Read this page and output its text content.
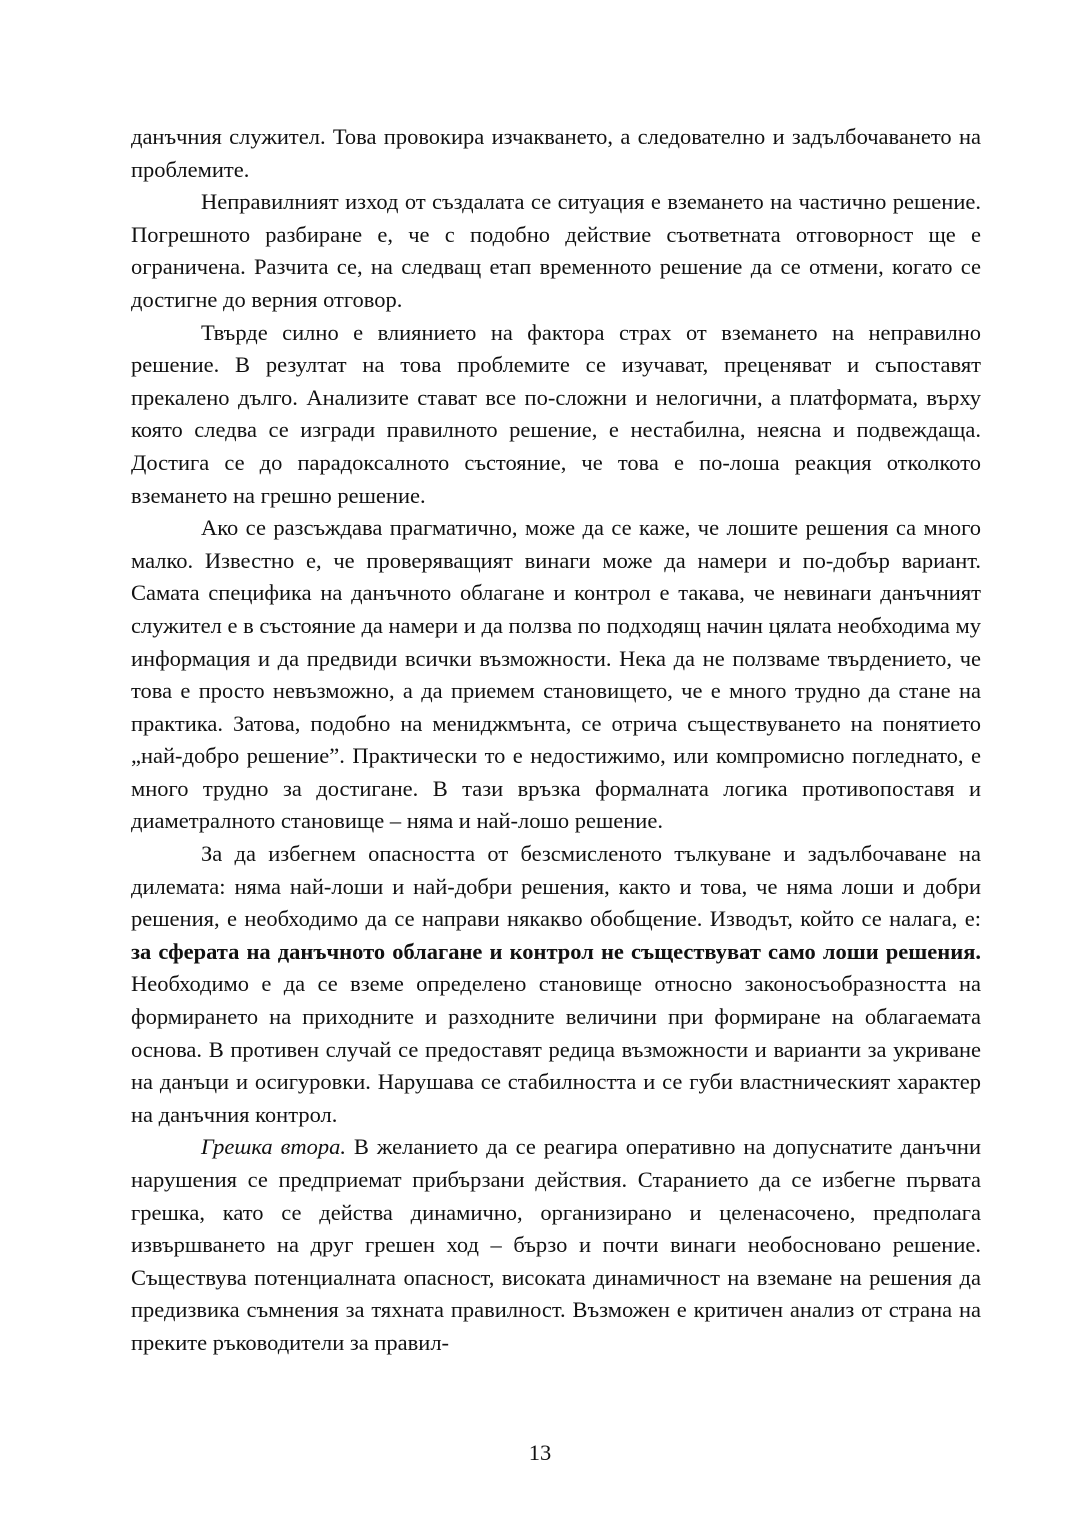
данъчния служител. Това провокира изчакването, а следователно и задълбочаването на проблемите.

Неправилният изход от създалата се ситуация е вземането на частично решение. Погрешното разбиране е, че с подобно действие съответната отговорност ще е ограничена. Разчита се, на следващ етап временното решение да се отмени, когато се достигне до верния отговор.

Твърде силно е влиянието на фактора страх от вземането на неправилно решение. В резултат на това проблемите се изучават, преценяват и съпоставят прекалено дълго. Анализите стават все по-сложни и нелогични, а платформата, върху която следва се изгради правилното решение, е нестабилна, неясна и подвеждаща. Достига се до парадоксалното състояние, че това е по-лоша реакция отколкото вземането на грешно решение.

Ако се разсъждава прагматично, може да се каже, че лошите решения са много малко. Известно е, че проверяващият винаги може да намери и по-добър вариант. Самата специфика на данъчното облагане и контрол е такава, че невинаги данъчният служител е в състояние да намери и да ползва по подходящ начин цялата необходима му информация и да предвиди всички възможности. Нека да не ползваме твърдението, че това е просто невъзможно, а да приемем становището, че е много трудно да стане на практика. Затова, подобно на мениджмънта, се отрича съществуването на понятието „най-добро решение”. Практически то е недостижимо, или компромисно погледнато, е много трудно за достигане. В тази връзка формалната логика противопоставя и диаметралното становище – няма и най-лошо решение.

За да избегнем опасността от безсмисленото тълкуване и задълбочаване на дилемата: няма най-лоши и най-добри решения, както и това, че няма лоши и добри решения, е необходимо да се направи някакво обобщение. Изводът, който се налага, е: за сферата на данъчното облагане и контрол не съществуват само лоши решения. Необходимо е да се вземе определено становище относно законосъобразността на формирането на приходните и разходните величини при формиране на облагаемата основа. В противен случай се предоставят редица възможности и варианти за укриване на данъци и осигуровки. Нарушава се стабилността и се губи властническият характер на данъчния контрол.

Грешка втора. В желанието да се реагира оперативно на допуснатите данъчни нарушения се предприемат прибързани действия. Старанието да се избегне първата грешка, като се действа динамично, организирано и целенасочено, предполага извършването на друг грешен ход – бързо и почти винаги необосновано решение. Съществува потенциалната опасност, високата динамичност на вземане на решения да предизвика съмнения за тяхната правилност. Възможен е критичен анализ от страна на преките ръководители за правил-

13
